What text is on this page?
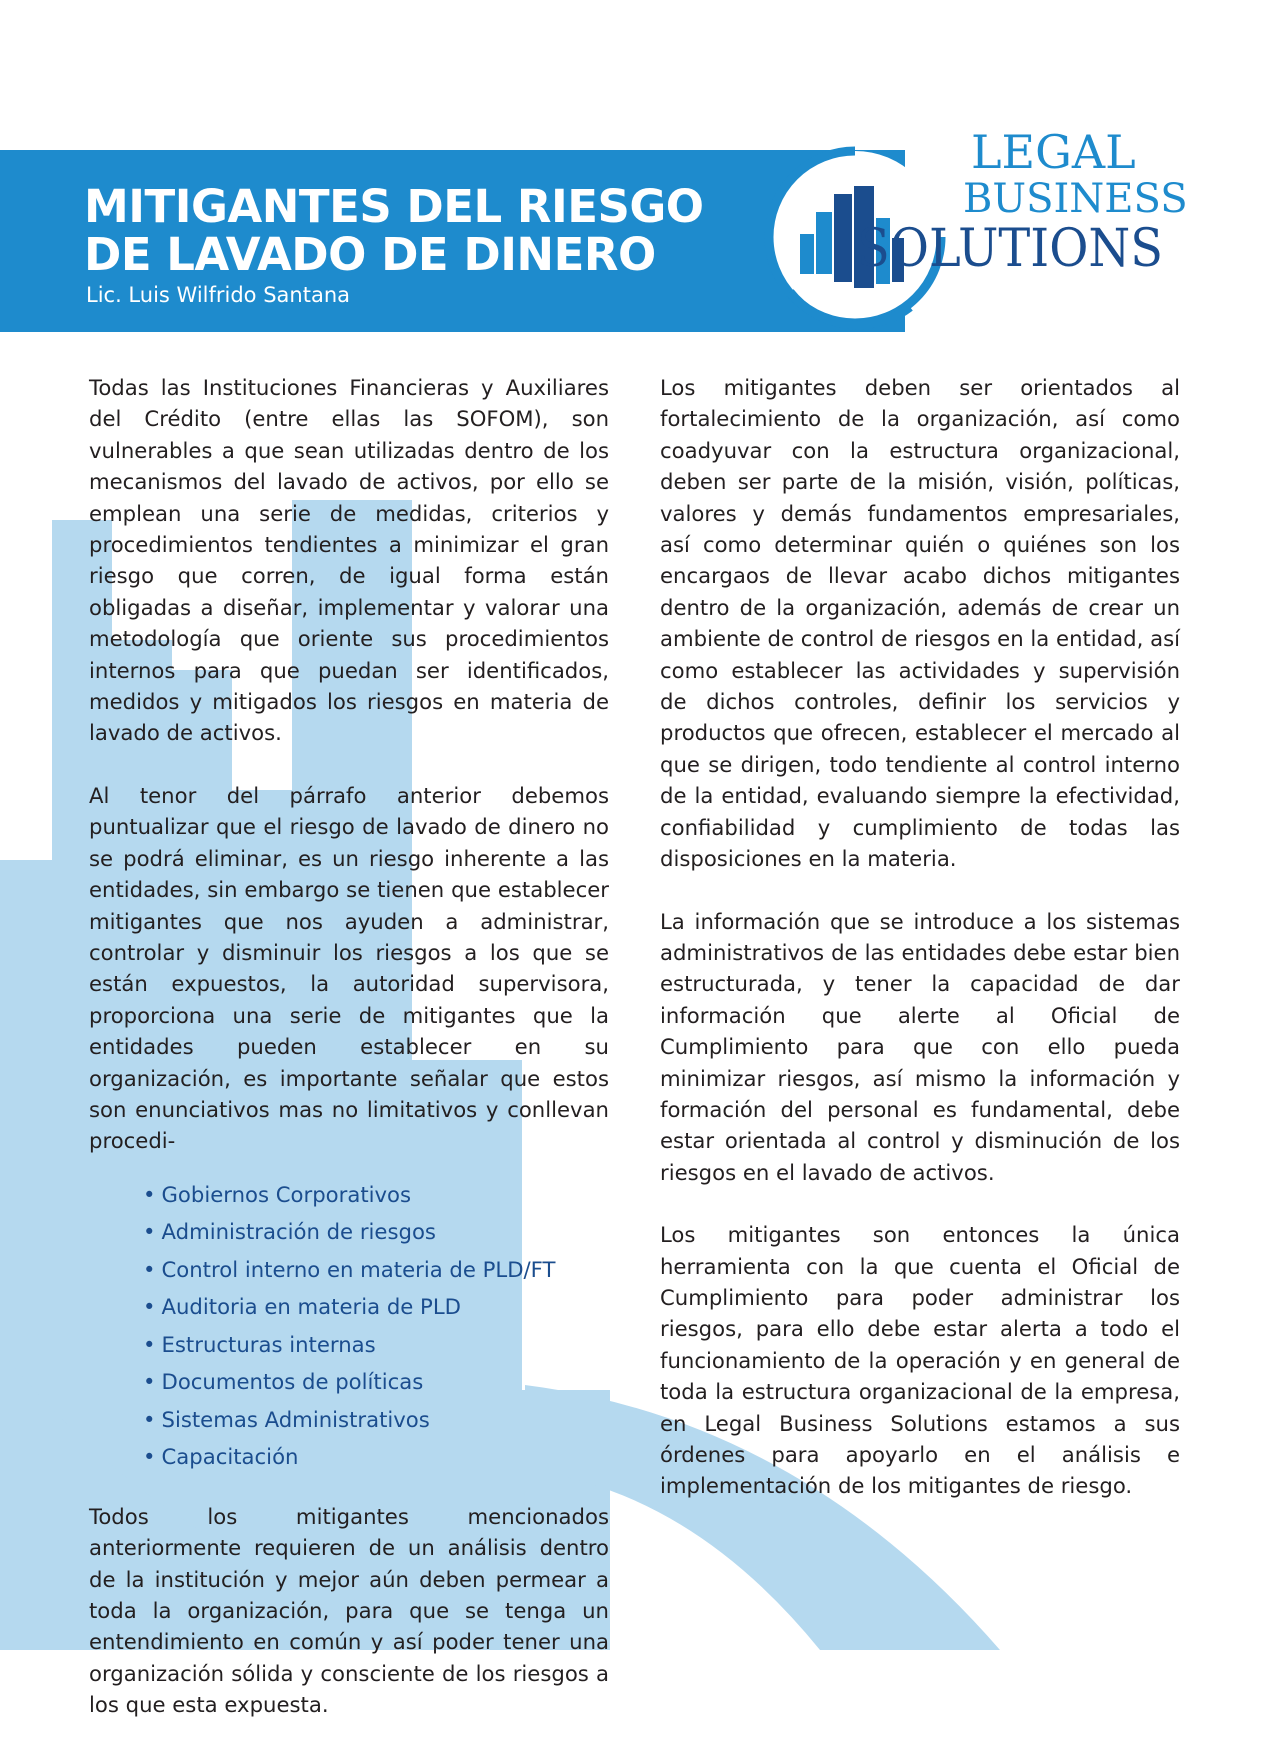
MITIGANTES DEL RIESGO
DE LAVADO DE DINERO
Lic. Luis Wilfrido Santana
LEGAL
BUSINESS
SOLUTIONS

Todas las Instituciones Financieras y Auxiliares del Crédito (entre ellas las SOFOM), son vulnerables a que sean utilizadas dentro de los mecanismos del lavado de activos, por ello se emplean una serie de medidas, criterios y procedimientos tendientes a minimizar el gran riesgo que corren, de igual forma están obligadas a diseñar, implementar y valorar una metodología que oriente sus procedimientos internos para que puedan ser identificados, medidos y mitigados los riesgos en materia de lavado de activos.

Al tenor del párrafo anterior debemos puntualizar que el riesgo de lavado de dinero no se podrá eliminar, es un riesgo inherente a las entidades, sin embargo se tienen que establecer mitigantes que nos ayuden a administrar, controlar y disminuir los riesgos a los que se están expuestos, la autoridad supervisora, proporciona una serie de mitigantes que la entidades pueden establecer en su organización, es importante señalar que estos son enunciativos mas no limitativos y conllevan procedi-

• Gobiernos Corporativos
• Administración de riesgos
• Control interno en materia de PLD/FT
• Auditoria en materia de PLD
• Estructuras internas
• Documentos de políticas
• Sistemas Administrativos
• Capacitación

Todos los mitigantes mencionados anteriormente requieren de un análisis dentro de la institución y mejor aún deben permear a toda la organización, para que se tenga un entendimiento en común y así poder tener una organización sólida y consciente de los riesgos a los que esta expuesta.

Los mitigantes deben ser orientados al fortalecimiento de la organización, así como coadyuvar con la estructura organizacional, deben ser parte de la misión, visión, políticas, valores y demás fundamentos empresariales, así como determinar quién o quiénes son los encargaos de llevar acabo dichos mitigantes dentro de la organización, además de crear un ambiente de control de riesgos en la entidad, así como establecer las actividades y supervisión de dichos controles, definir los servicios y productos que ofrecen, establecer el mercado al que se dirigen, todo tendiente al control interno de la entidad, evaluando siempre la efectividad, confiabilidad y cumplimiento de todas las disposiciones en la materia.

La información que se introduce a los sistemas administrativos de las entidades debe estar bien estructurada, y tener la capacidad de dar información que alerte al Oficial de Cumplimiento para que con ello pueda minimizar riesgos, así mismo la información y formación del personal es fundamental, debe estar orientada al control y disminución de los riesgos en el lavado de activos.

Los mitigantes son entonces la única herramienta con la que cuenta el Oficial de Cumplimiento para poder administrar los riesgos, para ello debe estar alerta a todo el funcionamiento de la operación y en general de toda la estructura organizacional de la empresa, en Legal Business Solutions estamos a sus órdenes para apoyarlo en el análisis e implementación de los mitigantes de riesgo.
